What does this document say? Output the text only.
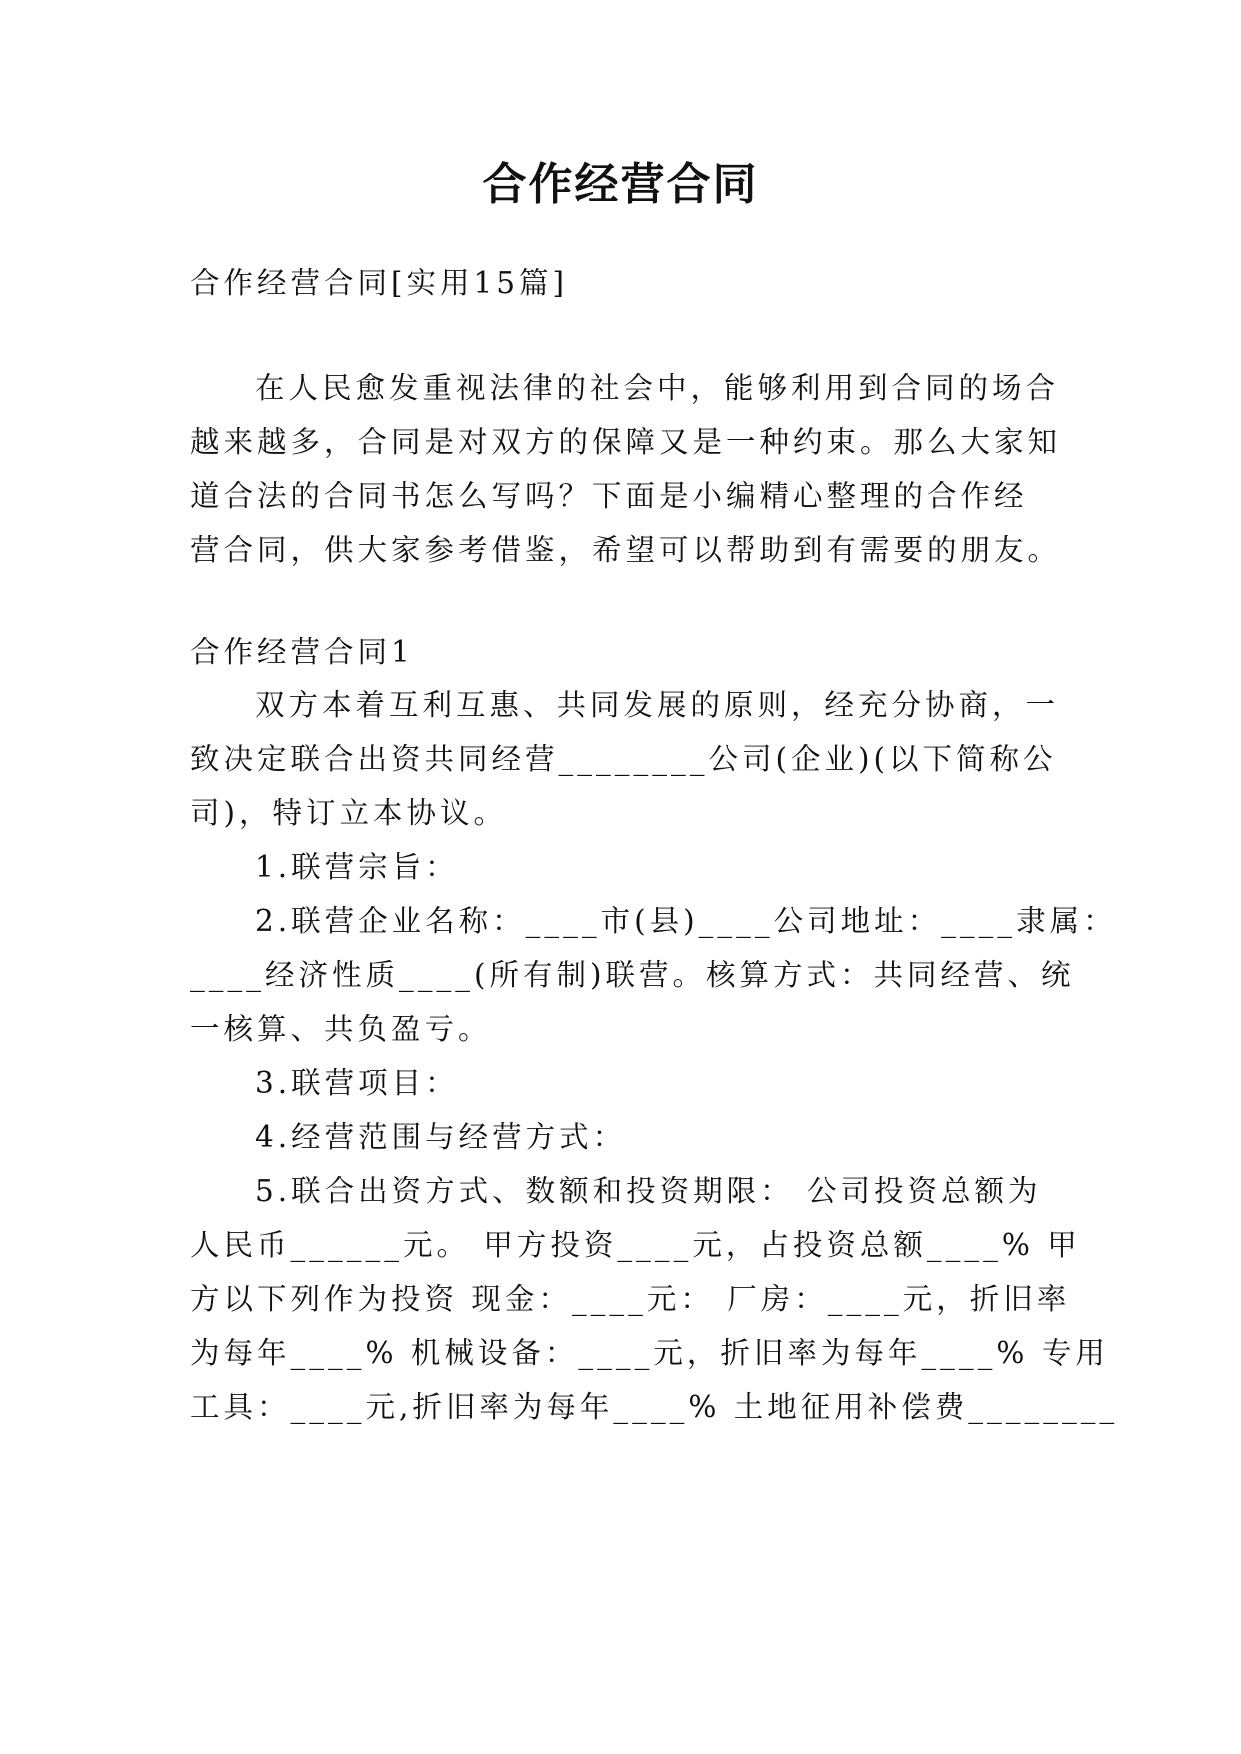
合作经营合同
合作经营合同[实用15篇]
在人民愈发重视法律的社会中，能够利用到合同的场合
越来越多，合同是对双方的保障又是一种约束。那么大家知
道合法的合同书怎么写吗？下面是小编精心整理的合作经
营合同，供大家参考借鉴，希望可以帮助到有需要的朋友。
合作经营合同1
双方本着互利互惠、共同发展的原则，经充分协商，一
致决定联合出资共同经营________公司(企业)(以下简称公
司)，特订立本协议。
1.联营宗旨：
2.联营企业名称：____市(县)____公司地址：____隶属：
____经济性质____(所有制)联营。核算方式：共同经营、统
一核算、共负盈亏。
3.联营项目：
4.经营范围与经营方式：
5.联合出资方式、数额和投资期限： 公司投资总额为
人民币______元。 甲方投资____元，占投资总额____% 甲
方以下列作为投资 现金：____元： 厂房：____元，折旧率
为每年____% 机械设备：____元，折旧率为每年____% 专用
工具：____元,折旧率为每年____% 土地征用补偿费________
